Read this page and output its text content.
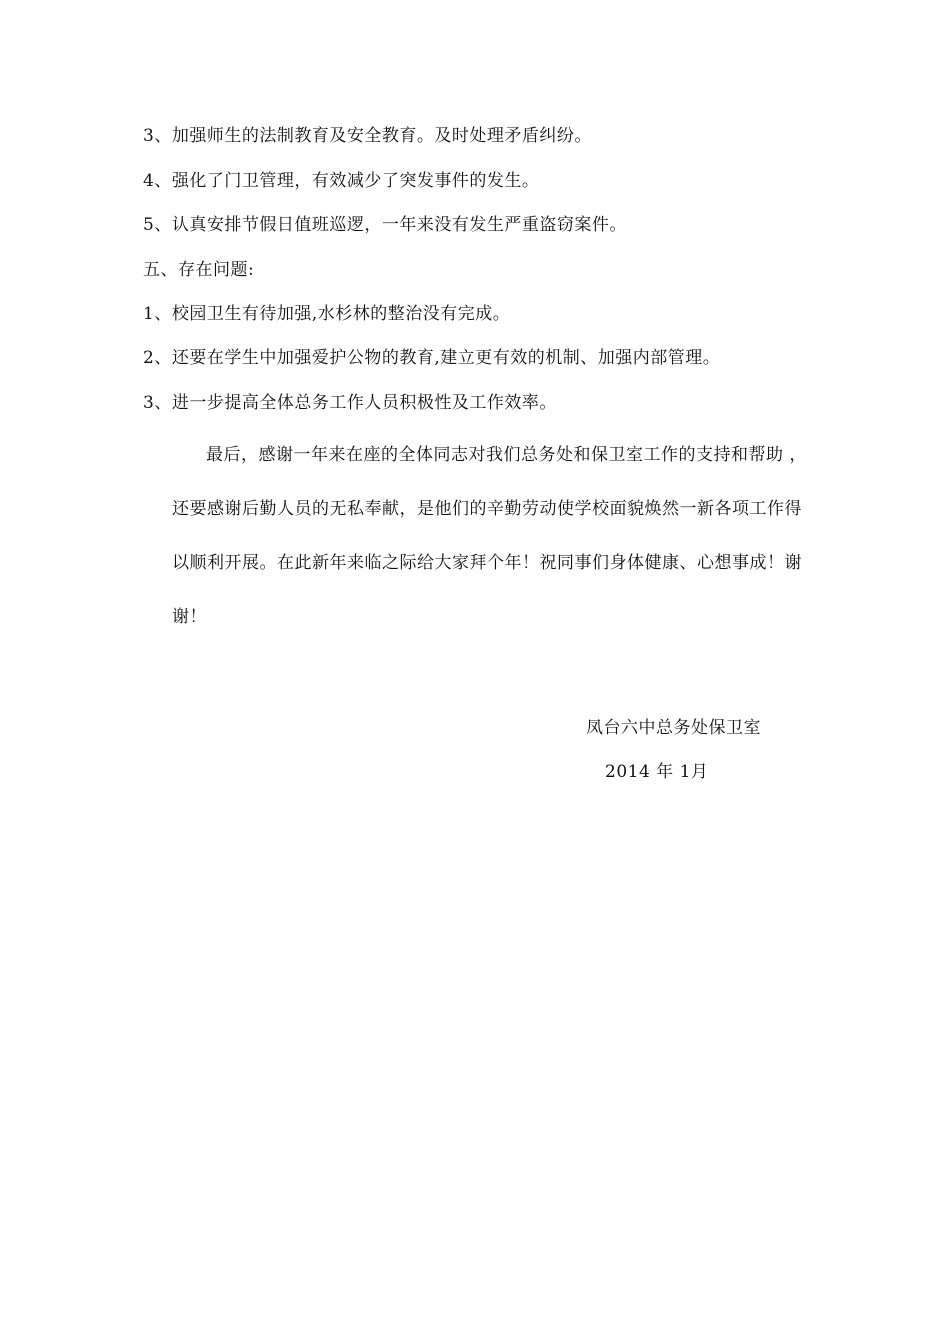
3、加强师生的法制教育及安全教育。及时处理矛盾纠纷。
4、强化了门卫管理，有效减少了突发事件的发生。
5、认真安排节假日值班巡逻，一年来没有发生严重盗窃案件。
五、存在问题:
1、校园卫生有待加强,水杉林的整治没有完成。
2、还要在学生中加强爱护公物的教育,建立更有效的机制、加强内部管理。
3、进一步提高全体总务工作人员积极性及工作效率。
最后，感谢一年来在座的全体同志对我们总务处和保卫室工作的支持和帮助 ，还要感谢后勤人员的无私奉献，是他们的辛勤劳动使学校面貌焕然一新各项工作得以顺利开展。在此新年来临之际给大家拜个年！祝同事们身体健康、心想事成！谢谢！
凤台六中总务处保卫室
2014 年 1月
